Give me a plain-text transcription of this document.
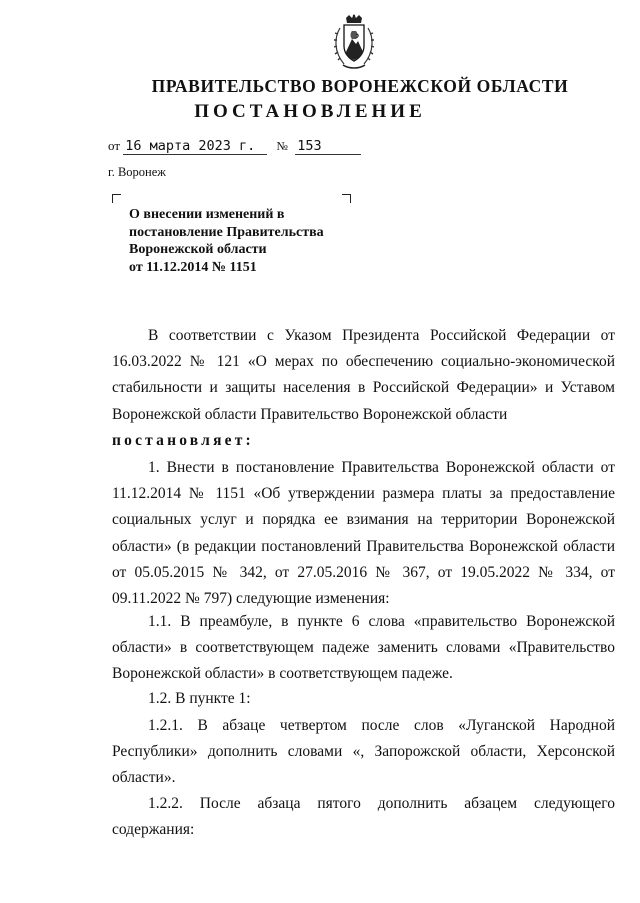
ПРАВИТЕЛЬСТВО ВОРОНЕЖСКОЙ ОБЛАСТИ
ПОСТАНОВЛЕНИЕ
от 16 марта 2023 г. № 153
г. Воронеж
О внесении изменений в
постановление Правительства
Воронежской области
от 11.12.2014 № 1151

В соответствии с Указом Президента Российской Федерации от 16.03.2022 № 121 «О мерах по обеспечению социально-экономической стабильности и защиты населения в Российской Федерации» и Уставом Воронежской области Правительство Воронежской области

постановляет:

1. Внести в постановление Правительства Воронежской области от 11.12.2014 № 1151 «Об утверждении размера платы за предоставление социальных услуг и порядка ее взимания на территории Воронежской области» (в редакции постановлений Правительства Воронежской области от 05.05.2015 № 342, от 27.05.2016 № 367, от 19.05.2022 № 334, от 09.11.2022 № 797) следующие изменения:

1.1. В преамбуле, в пункте 6 слова «правительство Воронежской области» в соответствующем падеже заменить словами «Правительство Воронежской области» в соответствующем падеже.

1.2. В пункте 1:

1.2.1. В абзаце четвертом после слов «Луганской Народной Республики» дополнить словами «, Запорожской области, Херсонской области».

1.2.2. После абзаца пятого дополнить абзацем следующего содержания:
